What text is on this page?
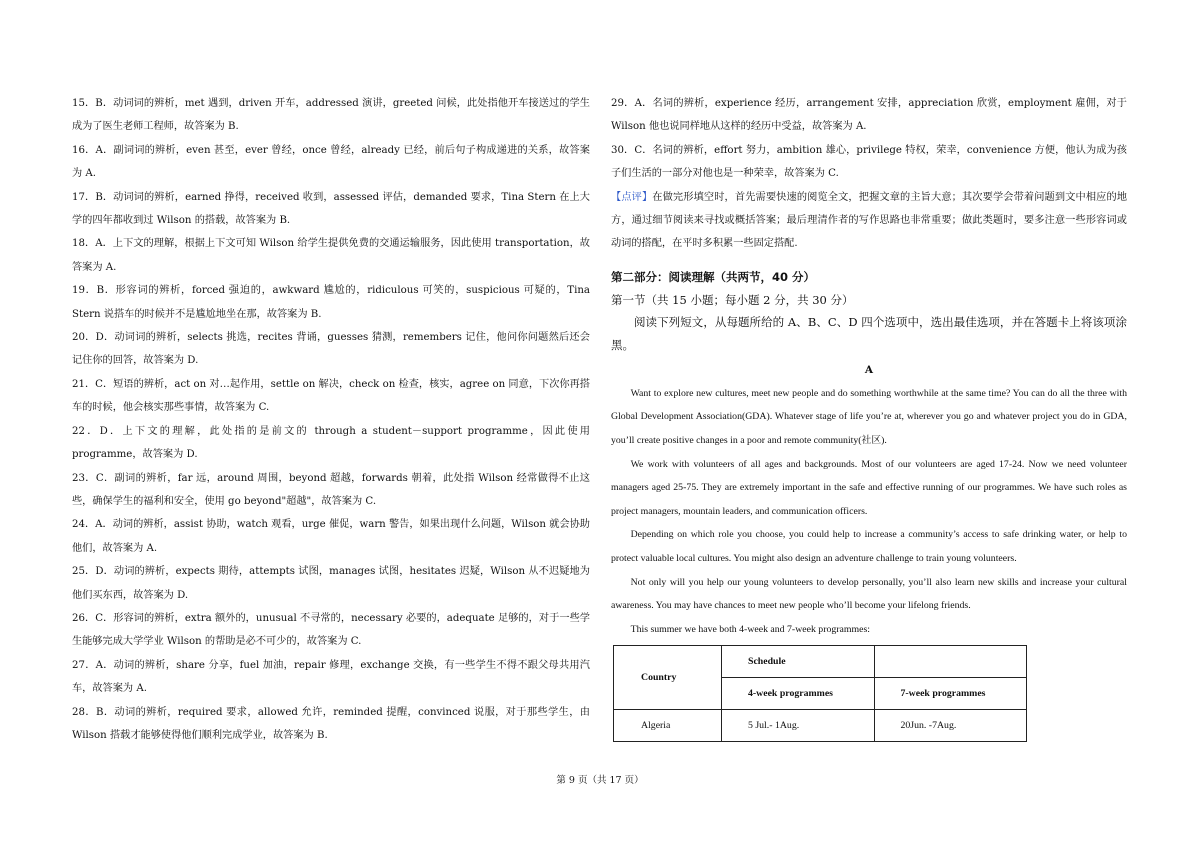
15．B．动词词的辨析，met 遇到，driven 开车，addressed 演讲，greeted 问候，此处指他开车接送过的学生成为了医生老师工程师，故答案为 B.

16．A．副词词的辨析，even 甚至，ever 曾经，once 曾经，already 已经，前后句子构成递进的关系，故答案为 A.

17．B．动词词的辨析，earned 挣得，received 收到，assessed 评估，demanded 要求，Tina Stern 在上大学的四年都收到过 Wilson 的搭载，故答案为 B.

18．A．上下文的理解，根据上下文可知 Wilson 给学生提供免费的交通运输服务，因此使用 transportation，故答案为 A.

19．B．形容词的辨析，forced 强迫的，awkward 尴尬的，ridiculous 可笑的，suspicious 可疑的，Tina Stern 说搭车的时候并不是尴尬地坐在那，故答案为 B.

20．D．动词词的辨析，selects 挑选，recites 背诵，guesses 猜测，remembers 记住，他问你问题然后还会记住你的回答，故答案为 D.

21．C．短语的辨析，act on 对…起作用，settle on 解决，check on 检查，核实，agree on 同意，下次你再搭车的时候，他会核实那些事情，故答案为 C.

22．D．上下文的理解，此处指的是前文的 through a student－support programme，因此使用 programme，故答案为 D.

23．C．副词的辨析，far 远，around 周围，beyond 超越，forwards 朝着，此处指 Wilson 经常做得不止这些，确保学生的福利和安全，使用 go beyond"超越"，故答案为 C.

24．A．动词的辨析，assist 协助，watch 观看，urge 催促，warn 警告，如果出现什么问题，Wilson 就会协助他们，故答案为 A.

25．D．动词的辨析，expects 期待，attempts 试图，manages 试图，hesitates 迟疑，Wilson 从不迟疑地为他们买东西，故答案为 D.

26．C．形容词的辨析，extra 额外的，unusual 不寻常的，necessary 必要的，adequate 足够的，对于一些学生能够完成大学学业 Wilson 的帮助是必不可少的，故答案为 C.

27．A．动词的辨析，share 分享，fuel 加油，repair 修理，exchange 交换，有一些学生不得不跟父母共用汽车，故答案为 A.

28．B．动词的辨析，required 要求，allowed 允许，reminded 提醒，convinced 说服，对于那些学生，由 Wilson 搭载才能够使得他们顺利完成学业，故答案为 B.

29．A．名词的辨析，experience 经历，arrangement 安排，appreciation 欣赏，employment 雇佣，对于 Wilson 他也说同样地从这样的经历中受益，故答案为 A.

30．C．名词的辨析，effort 努力，ambition 雄心，privilege 特权，荣幸，convenience 方便，他认为成为孩子们生活的一部分对他也是一种荣幸，故答案为 C.

【点评】在做完形填空时，首先需要快速的阅览全文，把握文章的主旨大意；其次要学会带着问题到文中相应的地方，通过细节阅读来寻找或概括答案；最后理清作者的写作思路也非常重要；做此类题时，要多注意一些形容词或动词的搭配，在平时多积累一些固定搭配.

第二部分：阅读理解（共两节，40 分）
第一节（共 15 小题；每小题 2 分，共 30 分）

阅读下列短文，从每题所给的 A、B、C、D 四个选项中，选出最佳选项，并在答题卡上将该项涂黑。

A

Want to explore new cultures, meet new people and do something worthwhile at the same time? You can do all the three with Global Development Association(GDA). Whatever stage of life you’re at, wherever you go and whatever project you do in GDA, you’ll create positive changes in a poor and remote community(社区).

We work with volunteers of all ages and backgrounds. Most of our volunteers are aged 17-24. Now we need volunteer managers aged 25-75. They are extremely important in the safe and effective running of our programmes. We have such roles as project managers, mountain leaders, and communication officers.

Depending on which role you choose, you could help to increase a community’s access to safe drinking water, or help to protect valuable local cultures. You might also design an adventure challenge to train young volunteers.

Not only will you help our young volunteers to develop personally, you’ll also learn new skills and increase your cultural awareness. You may have chances to meet new people who’ll become your lifelong friends.

This summer we have both 4-week and 7-week programmes:

Country	Schedule	
	4-week programmes	7-week programmes
Algeria	5 Jul.- 1Aug.	20Jun. -7Aug.
第 9 页（共 17 页）
